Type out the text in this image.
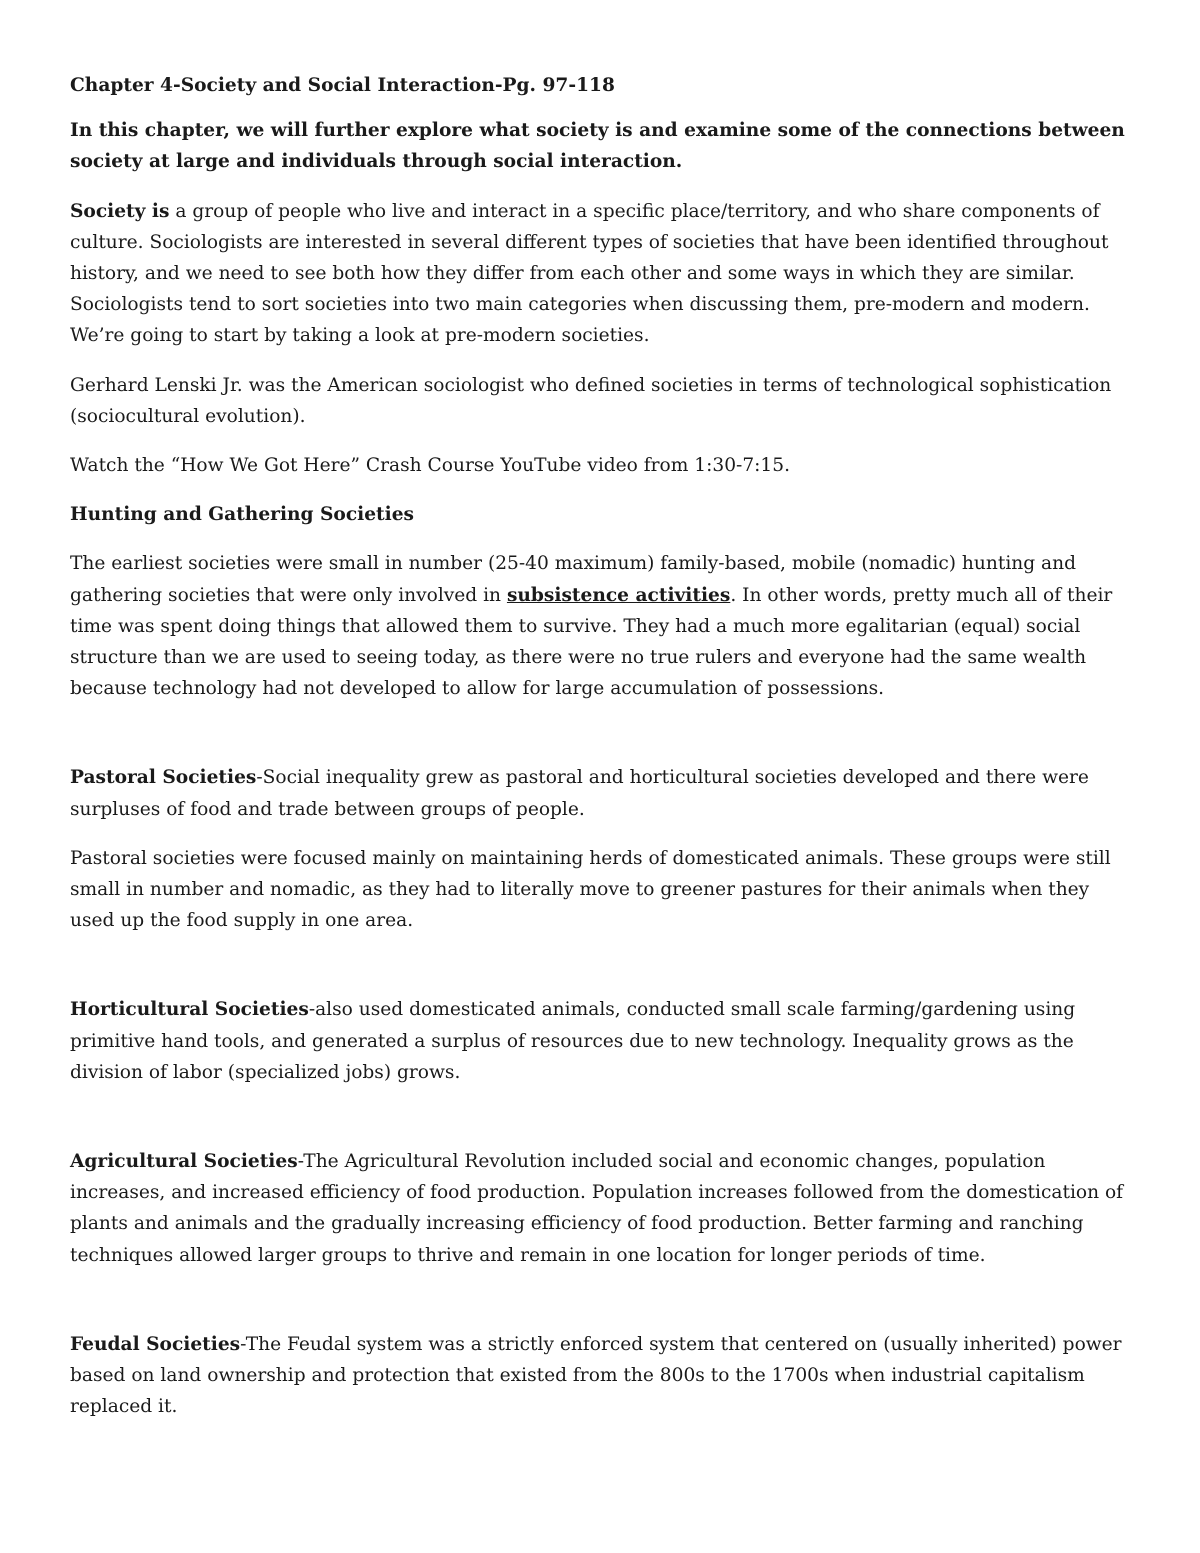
Chapter 4-Society and Social Interaction-Pg. 97-118

In this chapter, we will further explore what society is and examine some of the connections between society at large and individuals through social interaction.

Society is a group of people who live and interact in a specific place/territory, and who share components of culture. Sociologists are interested in several different types of societies that have been identified throughout history, and we need to see both how they differ from each other and some ways in which they are similar. Sociologists tend to sort societies into two main categories when discussing them, pre-modern and modern. We’re going to start by taking a look at pre-modern societies.

Gerhard Lenski Jr. was the American sociologist who defined societies in terms of technological sophistication (sociocultural evolution).

Watch the “How We Got Here” Crash Course YouTube video from 1:30-7:15.

Hunting and Gathering Societies

The earliest societies were small in number (25-40 maximum) family-based, mobile (nomadic) hunting and gathering societies that were only involved in subsistence activities. In other words, pretty much all of their time was spent doing things that allowed them to survive. They had a much more egalitarian (equal) social structure than we are used to seeing today, as there were no true rulers and everyone had the same wealth because technology had not developed to allow for large accumulation of possessions.

Pastoral Societies-Social inequality grew as pastoral and horticultural societies developed and there were surpluses of food and trade between groups of people.

Pastoral societies were focused mainly on maintaining herds of domesticated animals. These groups were still small in number and nomadic, as they had to literally move to greener pastures for their animals when they used up the food supply in one area.

Horticultural Societies-also used domesticated animals, conducted small scale farming/gardening using primitive hand tools, and generated a surplus of resources due to new technology. Inequality grows as the division of labor (specialized jobs) grows.

Agricultural Societies-The Agricultural Revolution included social and economic changes, population increases, and increased efficiency of food production. Population increases followed from the domestication of plants and animals and the gradually increasing efficiency of food production. Better farming and ranching techniques allowed larger groups to thrive and remain in one location for longer periods of time.

Feudal Societies-The Feudal system was a strictly enforced system that centered on (usually inherited) power based on land ownership and protection that existed from the 800s to the 1700s when industrial capitalism replaced it.
